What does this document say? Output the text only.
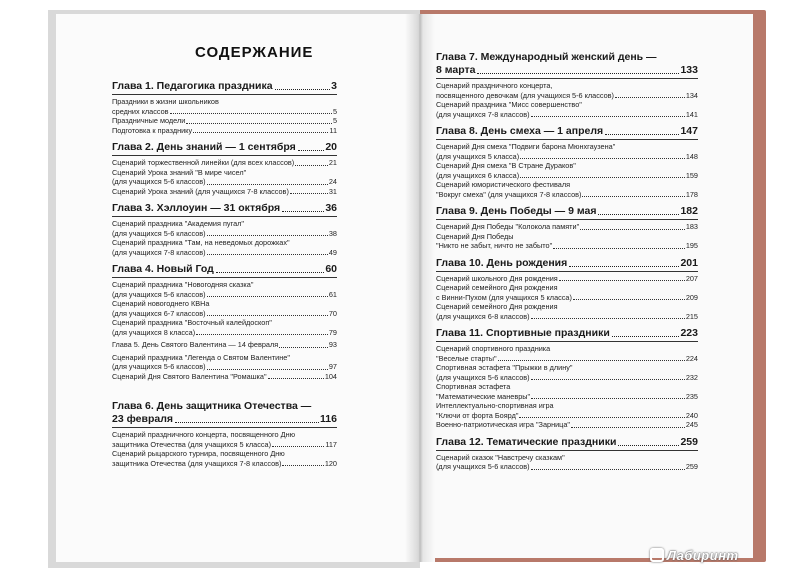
СОДЕРЖАНИЕ
Глава 1. Педагогика праздника	3
Праздники в жизни школьников
средних классов	5
Праздничные модели	5
Подготовка к празднику	11
Глава 2. День знаний — 1 сентября	20
Сценарий торжественной линейки (для всех классов)	21
Сценарий Урока знаний "В мире чисел"
(для учащихся 5-6 классов)	24
Сценарий Урока знаний (для учащихся 7-8 классов)	31
Глава 3. Хэллоуин — 31 октября	36
Сценарий праздника "Академия пугал"
(для учащихся 5-6 классов)	38
Сценарий праздника "Там, на неведомых дорожках"
(для учащихся 7-8 классов)	49
Глава 4. Новый Год	60
Сценарий праздника "Новогодняя сказка"
(для учащихся 5-6 классов)	61
Сценарий новогоднего КВНа
(для учащихся 6-7 классов)	70
Сценарий праздника "Восточный калейдоскоп"
(для учащихся 8 класса)	79
Глава 5. День Святого Валентина — 14 февраля	93
Сценарий праздника "Легенда о Святом Валентине"
(для учащихся 5-6 классов)	97
Сценарий Дня Святого Валентина "Ромашка"	104
Глава 6. День защитника Отечества —
23 февраля	116
Сценарий праздничного концерта, посвященного Дню
защитника Отечества (для учащихся 5 класса)	117
Сценарий рыцарского турнира, посвященного Дню
защитника Отечества (для учащихся 7-8 классов)	120
Глава 7. Международный женский день —
8 марта	133
Сценарий праздничного концерта,
посвященного девочкам (для учащихся 5-6 классов)	134
Сценарий праздника "Мисс совершенство"
(для учащихся 7-8 классов)	141
Глава 8. День смеха — 1 апреля	147
Сценарий Дня смеха "Подвиги барона Мюнхгаузена"
(для учащихся 5 класса)	148
Сценарий Дня смеха "В Стране Дураков"
(для учащихся 6 класса)	159
Сценарий юмористического фестиваля
"Вокруг смеха" (для учащихся 7-8 классов)	178
Глава 9. День Победы — 9 мая	182
Сценарий Дня Победы "Колокола памяти"	183
Сценарий Дня Победы
"Никто не забыт, ничто не забыто"	195
Глава 10. День рождения	201
Сценарий школьного Дня рождения	207
Сценарий семейного Дня рождения
с Винни-Пухом (для учащихся 5 класса)	209
Сценарий семейного Дня рождения
(для учащихся 6-8 классов)	215
Глава 11. Спортивные праздники	223
Сценарий спортивного праздника
"Веселые старты"	224
Спортивная эстафета "Прыжки в длину"
(для учащихся 5-6 классов)	232
Спортивная эстафета
"Математические маневры"	235
Интеллектуально-спортивная игра
"Ключи от форта Боярд"	240
Военно-патриотическая игра "Зарница"	245
Глава 12. Тематические праздники	259
Сценарий сказок "Навстречу сказкам"
(для учащихся 5-6 классов)	259
Лабиринт
